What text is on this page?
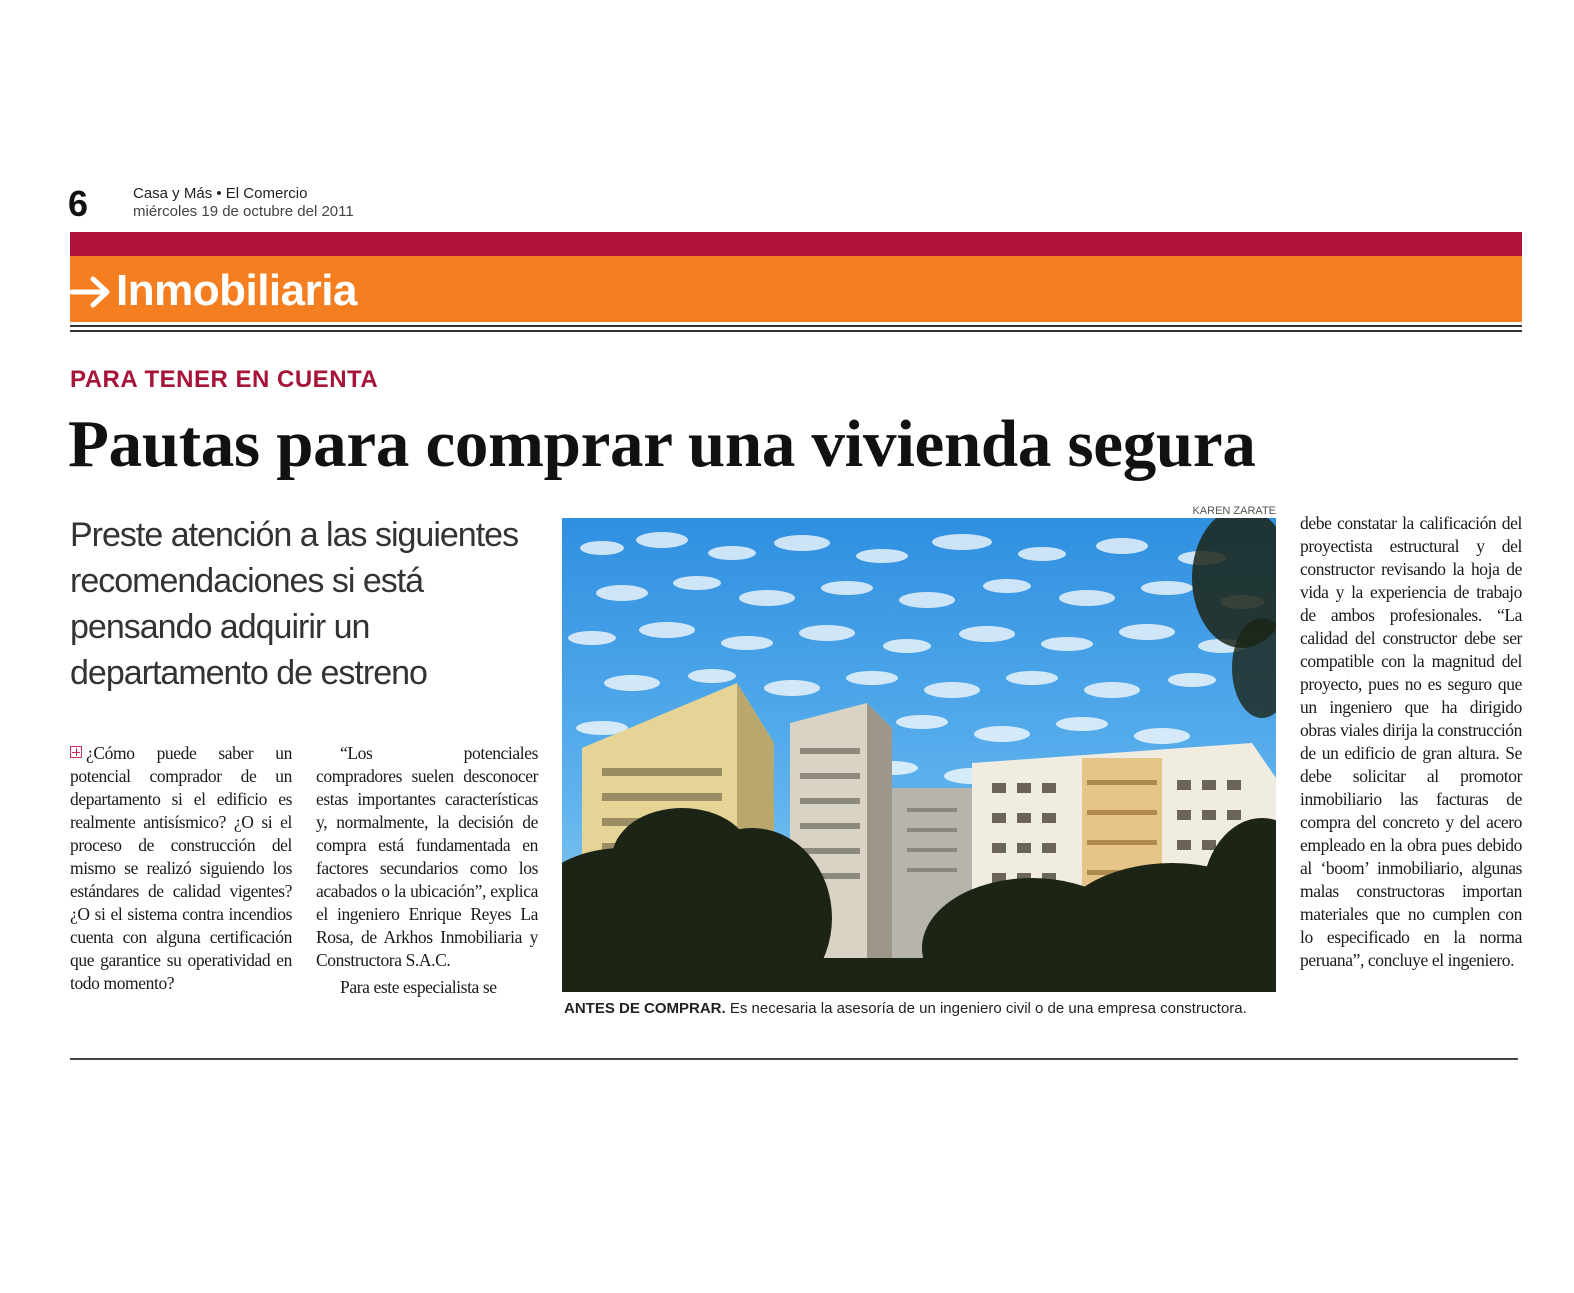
6	Casa y Más • El Comercio
miércoles 19 de octubre del 2011
Inmobiliaria
PARA TENER EN CUENTA
Pautas para comprar una vivienda segura
Preste atención a las siguientes recomendaciones si está pensando adquirir un departamento de estreno

¿Cómo puede saber un potencial comprador de un departamento si el edificio es realmente antisísmico? ¿O si el proceso de construcción del mismo se realizó siguiendo los estándares de calidad vigentes? ¿O si el sistema contra incendios cuenta con alguna certificación que garantice su operatividad en todo momento?

“Los potenciales compradores suelen desconocer estas importantes características y, normalmente, la decisión de compra está fundamentada en factores secundarios como los acabados o la ubicación”, explica el ingeniero Enrique Reyes La Rosa, de Arkhos Inmobiliaria y Constructora S.A.C.

Para este especialista se

KAREN ZARATE
ANTES DE COMPRAR. Es necesaria la asesoría de un ingeniero civil o de una empresa constructora.

debe constatar la calificación del proyectista estructural y del constructor revisando la hoja de vida y la experiencia de trabajo de ambos profesionales. “La calidad del constructor debe ser compatible con la magnitud del proyecto, pues no es seguro que un ingeniero que ha dirigido obras viales dirija la construcción de un edificio de gran altura. Se debe solicitar al promotor inmobiliario las facturas de compra del concreto y del acero empleado en la obra pues debido al ‘boom’ inmobiliario, algunas malas constructoras importan materiales que no cumplen con lo especificado en la norma peruana”, concluye el ingeniero.
